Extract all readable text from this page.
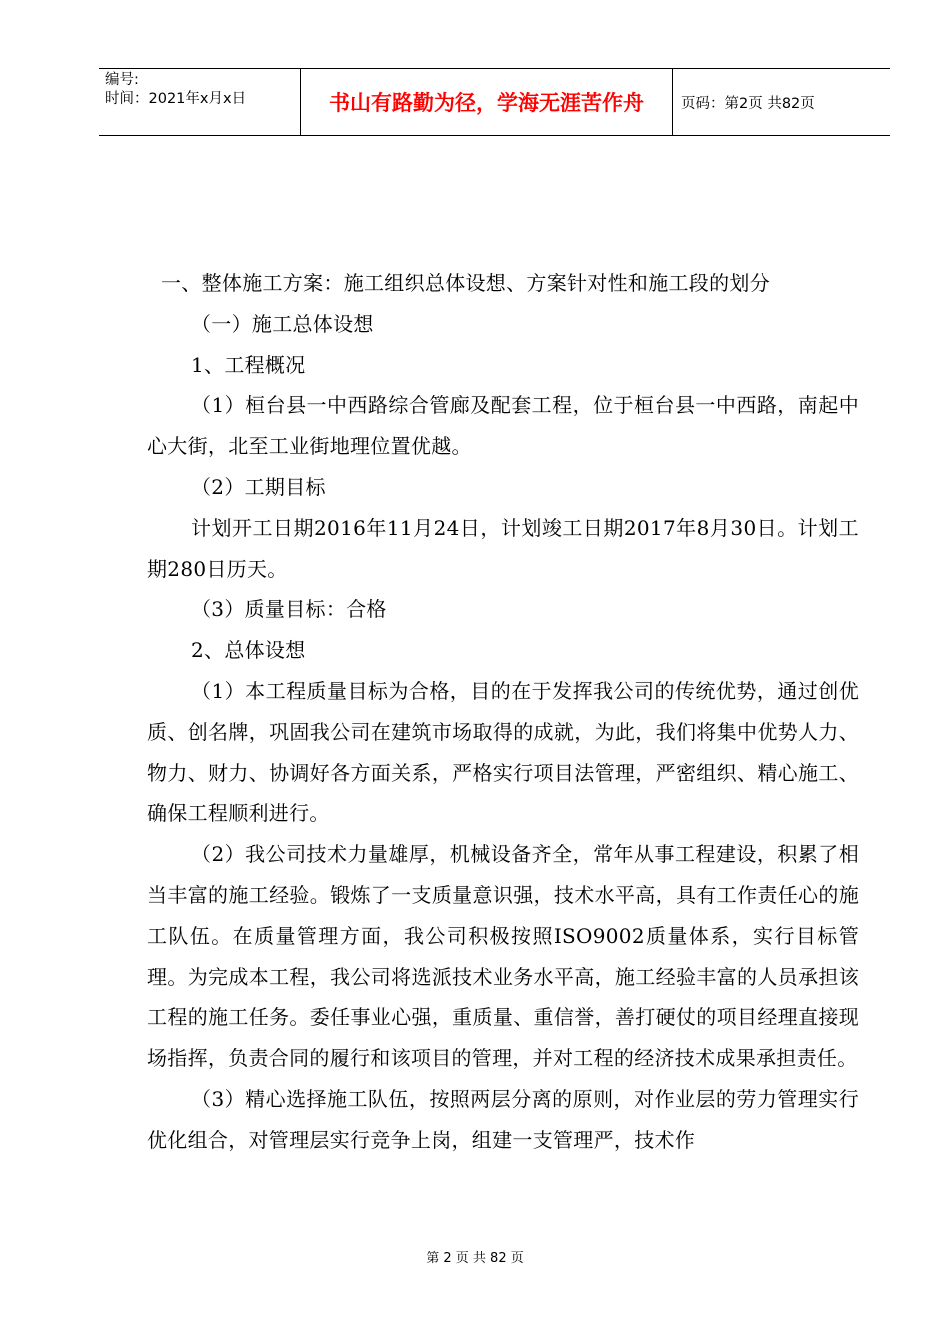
编号:
时间：2021年x月x日	书山有路勤为径，学海无涯苦作舟	页码：第2页 共82页

一、整体施工方案：施工组织总体设想、方案针对性和施工段的划分

（一）施工总体设想

1、工程概况

（1）桓台县一中西路综合管廊及配套工程，位于桓台县一中西路，南起中心大街，北至工业街地理位置优越。

（2）工期目标

计划开工日期2016年11月24日，计划竣工日期2017年8月30日。计划工期280日历天。

（3）质量目标：合格

2、总体设想

（1）本工程质量目标为合格，目的在于发挥我公司的传统优势，通过创优质、创名牌，巩固我公司在建筑市场取得的成就，为此，我们将集中优势人力、物力、财力、协调好各方面关系，严格实行项目法管理，严密组织、精心施工、确保工程顺利进行。

（2）我公司技术力量雄厚，机械设备齐全，常年从事工程建设，积累了相当丰富的施工经验。锻炼了一支质量意识强，技术水平高，具有工作责任心的施工队伍。在质量管理方面，我公司积极按照ISO9002质量体系，实行目标管理。为完成本工程，我公司将选派技术业务水平高，施工经验丰富的人员承担该工程的施工任务。委任事业心强，重质量、重信誉，善打硬仗的项目经理直接现场指挥，负责合同的履行和该项目的管理，并对工程的经济技术成果承担责任。

（3）精心选择施工队伍，按照两层分离的原则，对作业层的劳力管理实行优化组合，对管理层实行竞争上岗，组建一支管理严，技术作

第 2 页 共 82 页
